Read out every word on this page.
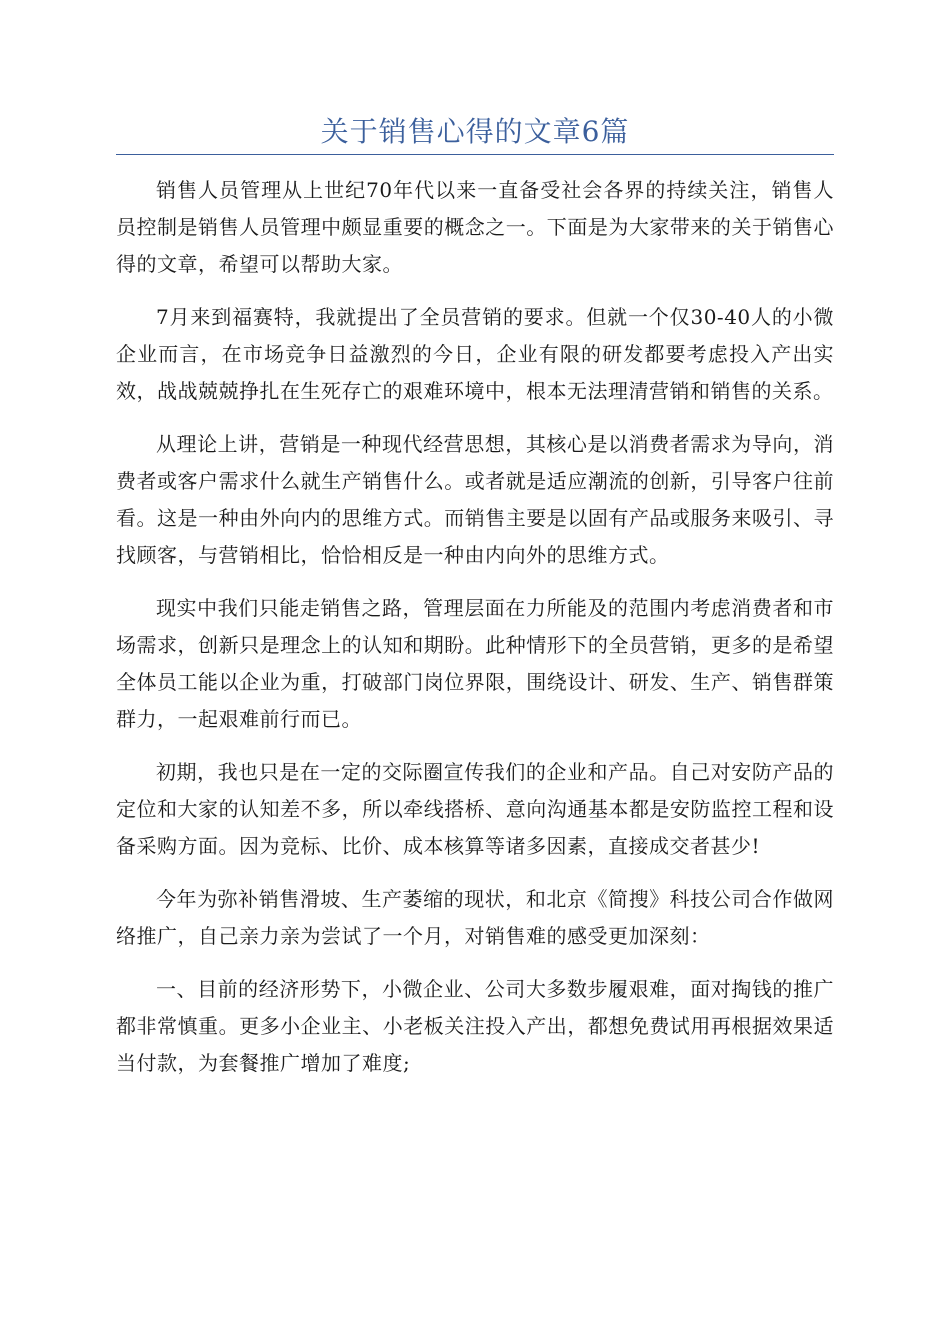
关于销售心得的文章6篇

销售人员管理从上世纪70年代以来一直备受社会各界的持续关注，销售人员控制是销售人员管理中颇显重要的概念之一。下面是为大家带来的关于销售心得的文章，希望可以帮助大家。

7月来到福赛特，我就提出了全员营销的要求。但就一个仅30-40人的小微企业而言，在市场竞争日益激烈的今日，企业有限的研发都要考虑投入产出实效，战战兢兢挣扎在生死存亡的艰难环境中，根本无法理清营销和销售的关系。

从理论上讲，营销是一种现代经营思想，其核心是以消费者需求为导向，消费者或客户需求什么就生产销售什么。或者就是适应潮流的创新，引导客户往前看。这是一种由外向内的思维方式。而销售主要是以固有产品或服务来吸引、寻找顾客，与营销相比，恰恰相反是一种由内向外的思维方式。

现实中我们只能走销售之路，管理层面在力所能及的范围内考虑消费者和市场需求，创新只是理念上的认知和期盼。此种情形下的全员营销，更多的是希望全体员工能以企业为重，打破部门岗位界限，围绕设计、研发、生产、销售群策群力，一起艰难前行而已。

初期，我也只是在一定的交际圈宣传我们的企业和产品。自己对安防产品的定位和大家的认知差不多，所以牵线搭桥、意向沟通基本都是安防监控工程和设备采购方面。因为竞标、比价、成本核算等诸多因素，直接成交者甚少!

今年为弥补销售滑坡、生产萎缩的现状，和北京《简搜》科技公司合作做网络推广，自己亲力亲为尝试了一个月，对销售难的感受更加深刻：

一、目前的经济形势下，小微企业、公司大多数步履艰难，面对掏钱的推广都非常慎重。更多小企业主、小老板关注投入产出，都想免费试用再根据效果适当付款，为套餐推广增加了难度;
